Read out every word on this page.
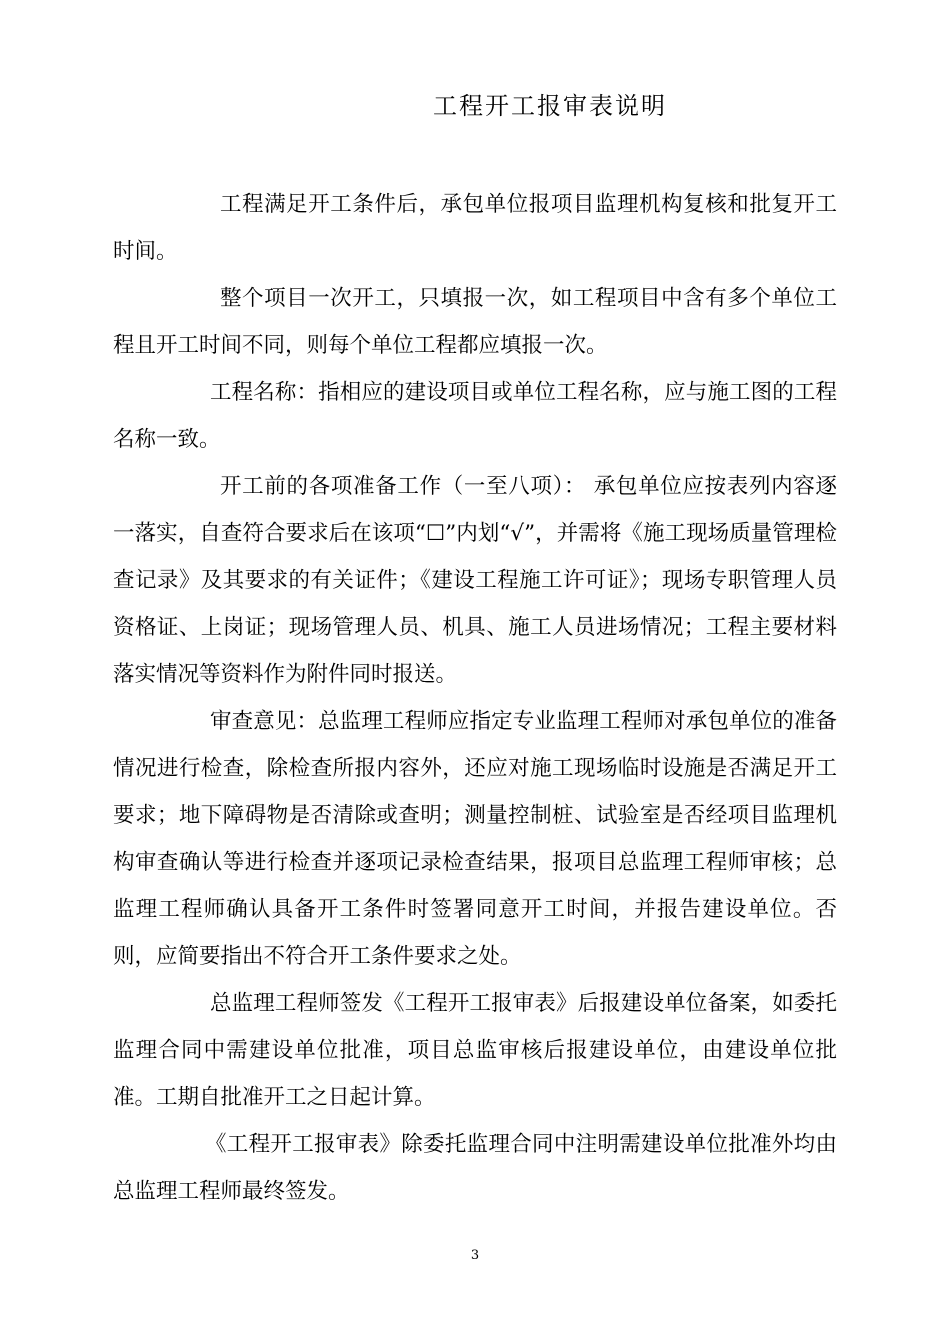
工程开工报审表说明

工程满足开工条件后，承包单位报项目监理机构复核和批复开工时间。

整个项目一次开工，只填报一次，如工程项目中含有多个单位工程且开工时间不同，则每个单位工程都应填报一次。

工程名称：指相应的建设项目或单位工程名称，应与施工图的工程名称一致。

开工前的各项准备工作（一至八项）： 承包单位应按表列内容逐一落实，自查符合要求后在该项“☐”内划“√”，并需将《施工现场质量管理检查记录》及其要求的有关证件；《建设工程施工许可证》；现场专职管理人员资格证、上岗证；现场管理人员、机具、施工人员进场情况；工程主要材料落实情况等资料作为附件同时报送。

审查意见：总监理工程师应指定专业监理工程师对承包单位的准备情况进行检查，除检查所报内容外，还应对施工现场临时设施是否满足开工要求；地下障碍物是否清除或查明；测量控制桩、试验室是否经项目监理机构审查确认等进行检查并逐项记录检查结果，报项目总监理工程师审核；总监理工程师确认具备开工条件时签署同意开工时间，并报告建设单位。否则，应简要指出不符合开工条件要求之处。

总监理工程师签发《工程开工报审表》后报建设单位备案，如委托监理合同中需建设单位批准，项目总监审核后报建设单位，由建设单位批准。工期自批准开工之日起计算。

《工程开工报审表》除委托监理合同中注明需建设单位批准外均由总监理工程师最终签发。

3
